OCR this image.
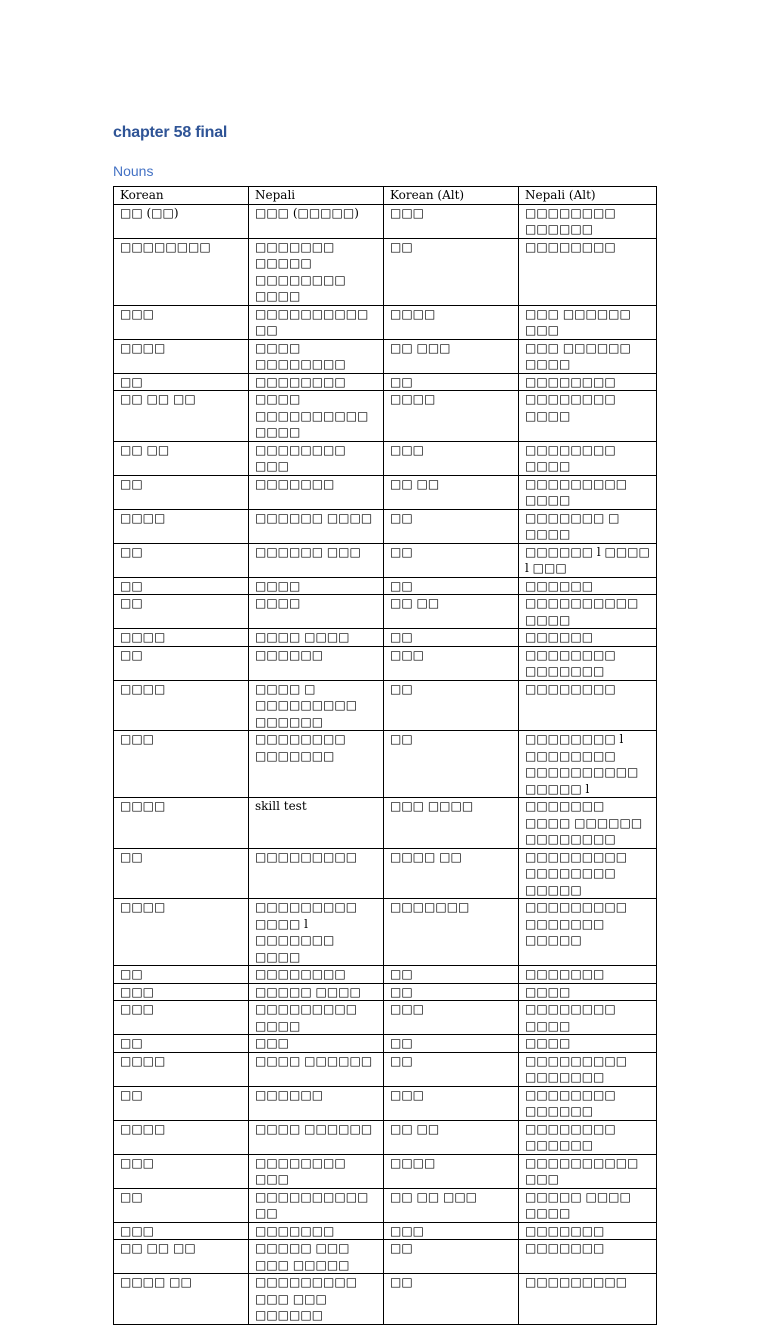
chapter 58 final
Nouns
Korean	Nepali	Korean (Alt)	Nepali (Alt)
□□ (□□)	□□□ (□□□□□)	□□□	□□□□□□□□ □□□□□□
□□□□□□□□	□□□□□□□ □□□□□ □□□□□□□□ □□□□	□□	□□□□□□□□
□□□	□□□□□□□□□□□□	□□□□	□□□ □□□□□□ □□□
□□□□	□□□□ □□□□□□□□	□□ □□□	□□□ □□□□□□ □□□□
□□	□□□□□□□□	□□	□□□□□□□□
□□ □□ □□	□□□□ □□□□□□□□□□ □□□□	□□□□	□□□□□□□□ □□□□
□□ □□	□□□□□□□□ □□□	□□□	□□□□□□□□ □□□□
□□	□□□□□□□	□□ □□	□□□□□□□□□ □□□□
□□□□	□□□□□□ □□□□	□□	□□□□□□□ □ □□□□
□□	□□□□□□ □□□	□□	□□□□□□ l □□□□ l □□□
□□	□□□□	□□	□□□□□□
□□	□□□□	□□ □□	□□□□□□□□□□ □□□□
□□□□	□□□□ □□□□	□□	□□□□□□
□□	□□□□□□	□□□	□□□□□□□□ □□□□□□□
□□□□	□□□□ □ □□□□□□□□□ □□□□□□	□□	□□□□□□□□
□□□	□□□□□□□□ □□□□□□□	□□	□□□□□□□□ l □□□□□□□□ □□□□□□□□□□ □□□□□ l
□□□□	skill test	□□□ □□□□	□□□□□□□ □□□□ □□□□□□ □□□□□□□□
□□	□□□□□□□□□	□□□□ □□	□□□□□□□□□ □□□□□□□□ □□□□□
□□□□	□□□□□□□□□ □□□□ l □□□□□□□ □□□□	□□□□□□□	□□□□□□□□□ □□□□□□□ □□□□□
□□	□□□□□□□□	□□	□□□□□□□
□□□	□□□□□ □□□□	□□	□□□□
□□□	□□□□□□□□□ □□□□	□□□	□□□□□□□□ □□□□
□□	□□□	□□	□□□□
□□□□	□□□□ □□□□□□	□□	□□□□□□□□□ □□□□□□□
□□	□□□□□□	□□□	□□□□□□□□ □□□□□□
□□□□	□□□□ □□□□□□	□□ □□	□□□□□□□□ □□□□□□
□□□	□□□□□□□□ □□□	□□□□	□□□□□□□□□□ □□□
□□	□□□□□□□□□□□□	□□ □□ □□□	□□□□□ □□□□ □□□□
□□□	□□□□□□□	□□□	□□□□□□□
□□ □□ □□	□□□□□ □□□ □□□ □□□□□	□□	□□□□□□□
□□□□ □□	□□□□□□□□□ □□□ □□□ □□□□□□	□□	□□□□□□□□□
